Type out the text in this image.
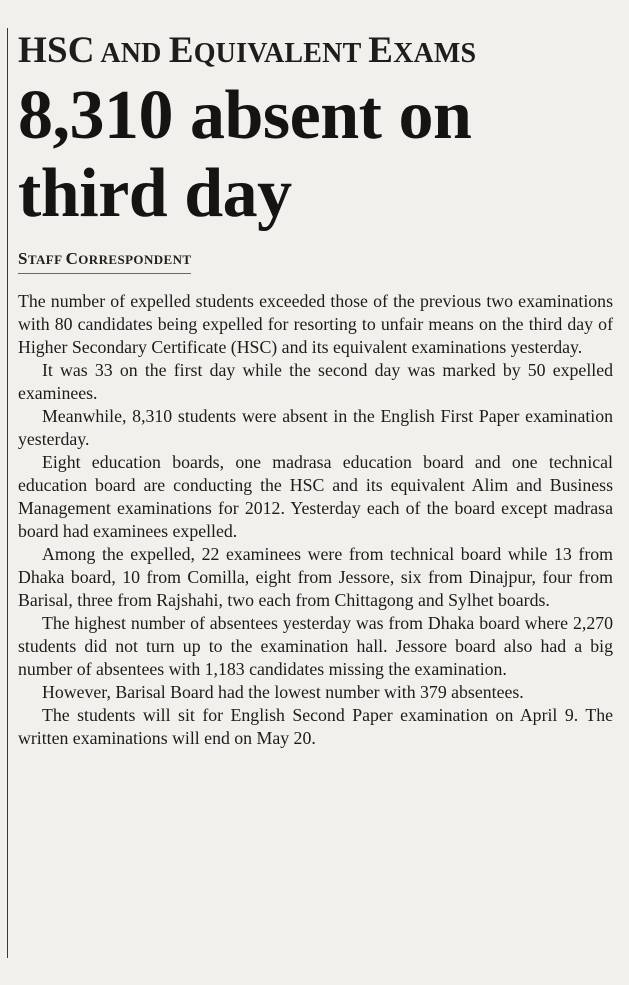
HSC AND EQUIVALENT EXAMS
8,310 absent on
third day
STAFF CORRESPONDENT

The number of expelled students exceeded those of the previous two examinations with 80 candidates being expelled for resorting to unfair means on the third day of Higher Secondary Certificate (HSC) and its equivalent examinations yesterday.

It was 33 on the first day while the second day was marked by 50 expelled examinees.

Meanwhile, 8,310 students were absent in the English First Paper examination yesterday.

Eight education boards, one madrasa education board and one technical education board are conducting the HSC and its equivalent Alim and Business Management examinations for 2012. Yesterday each of the board except madrasa board had examinees expelled.

Among the expelled, 22 examinees were from technical board while 13 from Dhaka board, 10 from Comilla, eight from Jessore, six from Dinajpur, four from Barisal, three from Rajshahi, two each from Chittagong and Sylhet boards.

The highest number of absentees yesterday was from Dhaka board where 2,270 students did not turn up to the examination hall. Jessore board also had a big number of absentees with 1,183 candidates missing the examination.

However, Barisal Board had the lowest number with 379 absentees.

The students will sit for English Second Paper examination on April 9. The written examinations will end on May 20.
